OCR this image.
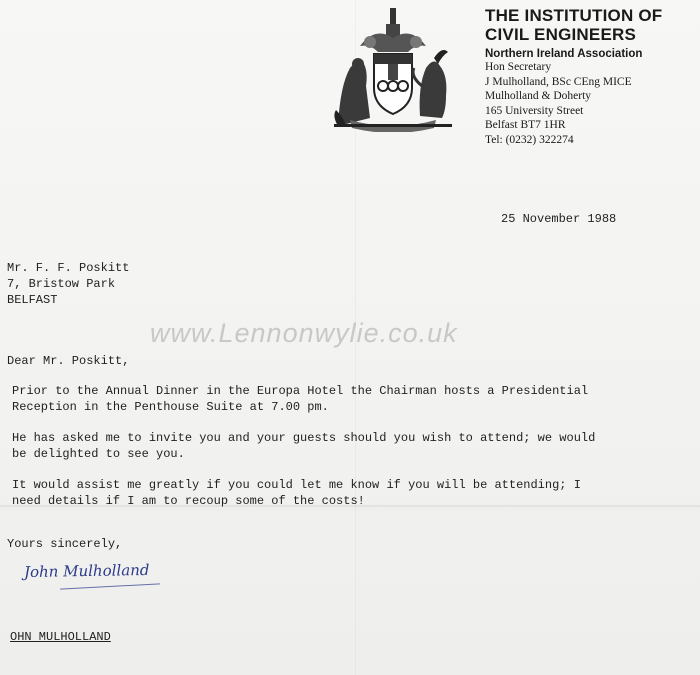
THE INSTITUTION OF CIVIL ENGINEERS
Northern Ireland Association
Hon Secretary
J Mulholland, BSc CEng MICE
Mulholland & Doherty
165 University Street
Belfast BT7 1HR
Tel: (0232) 322274
25 November 1988
Mr. F. F. Poskitt
7, Bristow Park
BELFAST
www.Lennonwylie.co.uk
Dear Mr. Poskitt,
Prior to the Annual Dinner in the Europa Hotel the Chairman hosts a Presidential
Reception in the Penthouse Suite at 7.00 pm.
He has asked me to invite you and your guests should you wish to attend; we would
be delighted to see you.
It would assist me greatly if you could let me know if you will be attending; I
need details if I am to recoup some of the costs!
Yours sincerely,
John Mulholland
OHN MULHOLLAND
